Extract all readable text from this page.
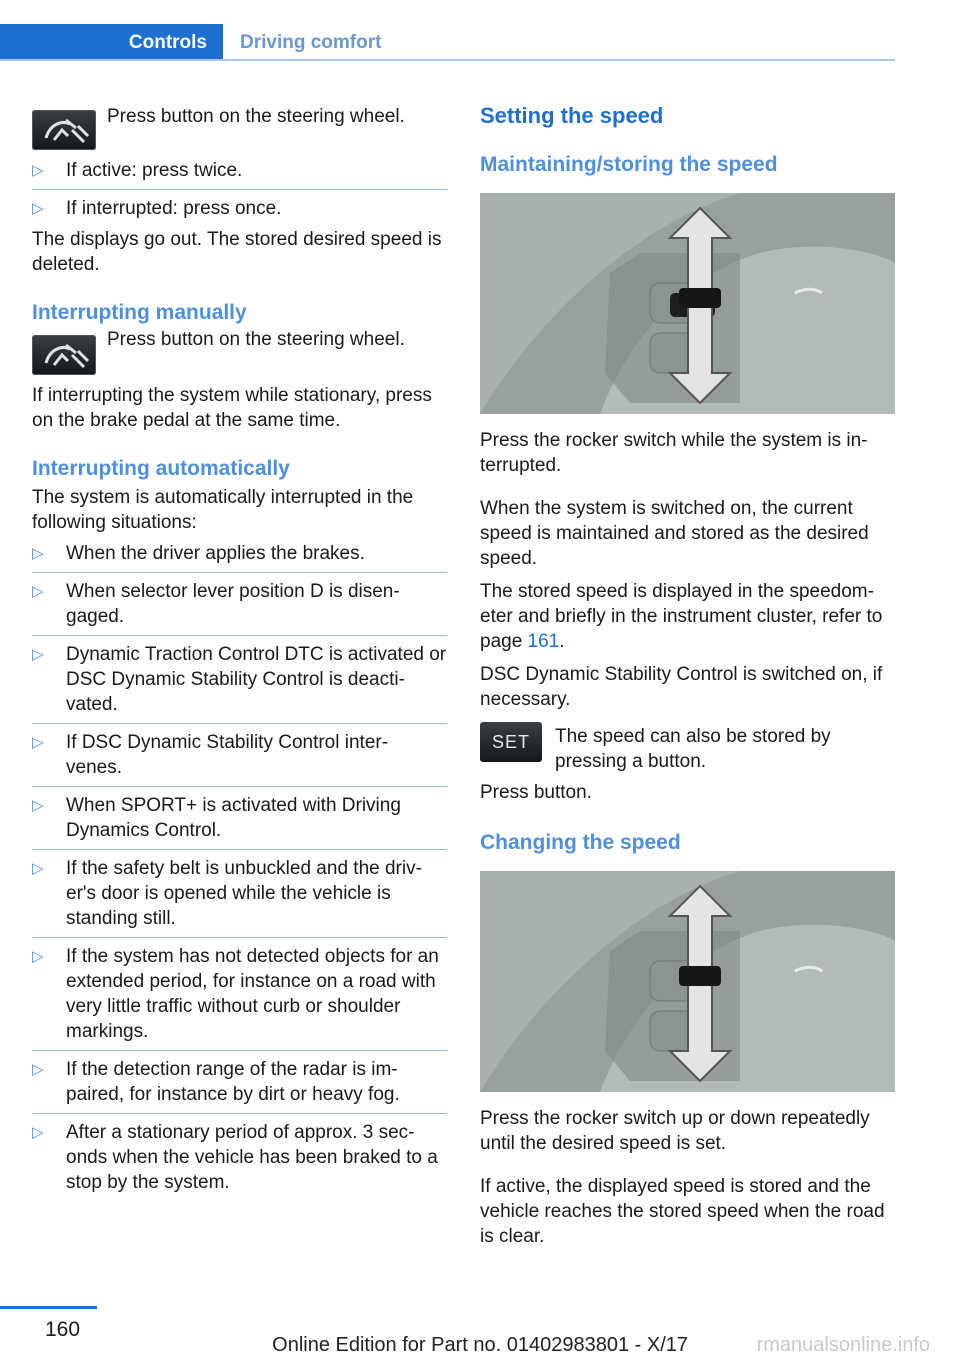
Controls	Driving comfort

Press button on the steering wheel.

▷ If active: press twice.
▷ If interrupted: press once.

The displays go out. The stored desired speed is deleted.

Interrupting manually

Press button on the steering wheel.

If interrupting the system while stationary, press on the brake pedal at the same time.

Interrupting automatically

The system is automatically interrupted in the following situations:

▷ When the driver applies the brakes.
▷ When selector lever position D is disen‐ gaged.
▷ Dynamic Traction Control DTC is activated or DSC Dynamic Stability Control is deacti‐ vated.
▷ If DSC Dynamic Stability Control inter‐ venes.
▷ When SPORT+ is activated with Driving Dynamics Control.
▷ If the safety belt is unbuckled and the driv‐ er's door is opened while the vehicle is standing still.
▷ If the system has not detected objects for an extended period, for instance on a road with very little traffic without curb or shoulder markings.
▷ If the detection range of the radar is im‐ paired, for instance by dirt or heavy fog.
▷ After a stationary period of approx. 3 sec‐ onds when the vehicle has been braked to a stop by the system.

Setting the speed

Maintaining/storing the speed

Press the rocker switch while the system is in‐ terrupted.

When the system is switched on, the current speed is maintained and stored as the desired speed.

The stored speed is displayed in the speedom‐ eter and briefly in the instrument cluster, refer to page 161.

DSC Dynamic Stability Control is switched on, if necessary.

SET	The speed can also be stored by pressing a button.

Press button.

Changing the speed

Press the rocker switch up or down repeatedly until the desired speed is set.

If active, the displayed speed is stored and the vehicle reaches the stored speed when the road is clear.

160
Online Edition for Part no. 01402983801 - X/17	rmanualsonline.info
